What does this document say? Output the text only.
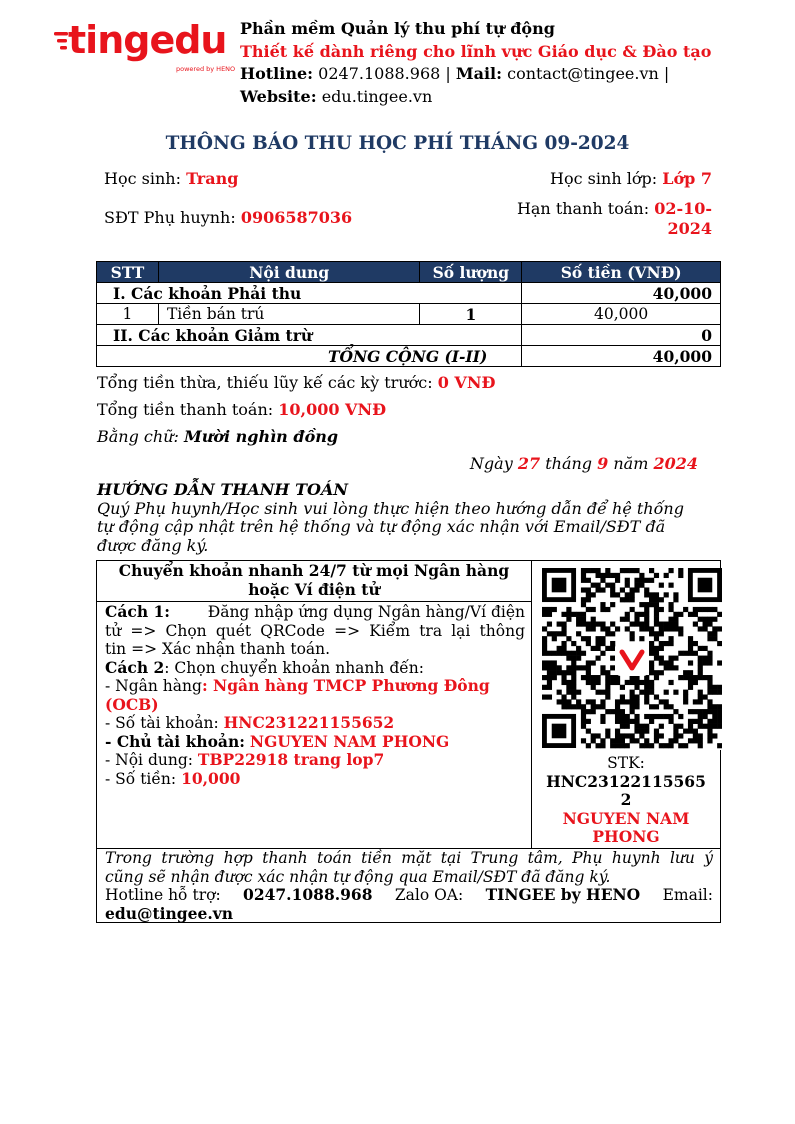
tingedu
powered by HENO
Phần mềm Quản lý thu phí tự động
Thiết kế dành riêng cho lĩnh vực Giáo dục & Đào tạo
Hotline: 0247.1088.968 | Mail: contact@tingee.vn |
Website: edu.tingee.vn
THÔNG BÁO THU HỌC PHÍ THÁNG 09-2024
Học sinh: Trang	Học sinh lớp: Lớp 7
SĐT Phụ huynh: 0906587036	Hạn thanh toán: 02-10-
2024
STT	Nội dung	Số lượng	Số tiền (VNĐ)
I. Các khoản Phải thu			40,000
1	Tiền bán trú	1	40,000
II. Các khoản Giảm trừ			0
TỔNG CỘNG (I-II)			40,000
Tổng tiền thừa, thiếu lũy kế các kỳ trước: 0 VNĐ
Tổng tiền thanh toán: 10,000 VNĐ
Bằng chữ: Mười nghìn đồng
Ngày 27 tháng 9 năm 2024
HƯỚNG DẪN THANH TOÁN
Quý Phụ huynh/Học sinh vui lòng thực hiện theo hướng dẫn để hệ thống
tự động cập nhật trên hệ thống và tự động xác nhận với Email/SĐT đã
được đăng ký.
Chuyển khoản nhanh 24/7 từ mọi Ngân hàng
hoặc Ví điện tử
Cách 1: Đăng nhập ứng dụng Ngân hàng/Ví điện
tử => Chọn quét QRCode => Kiểm tra lại thông
tin => Xác nhận thanh toán.
Cách 2: Chọn chuyển khoản nhanh đến:
- Ngân hàng: Ngân hàng TMCP Phương Đông
(OCB)
- Số tài khoản: HNC231221155652
- Chủ tài khoản: NGUYEN NAM PHONG
- Nội dung: TBP22918 trang lop7
- Số tiền: 10,000
STK:
HNC23122115565
2
NGUYEN NAM
PHONG
Trong trường hợp thanh toán tiền mặt tại Trung tâm, Phụ huynh lưu ý
cũng sẽ nhận được xác nhận tự động qua Email/SĐT đã đăng ký.
Hotline hỗ trợ: 0247.1088.968 Zalo OA: TINGEE by HENO Email:
edu@tingee.vn
